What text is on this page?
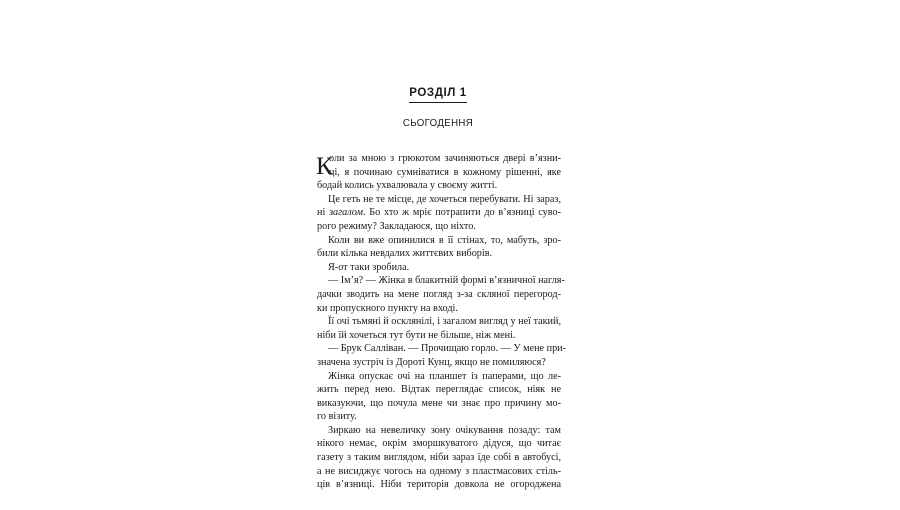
РОЗДІЛ 1
СЬОГОДЕННЯ
К
оли за мною з грюкотом зачиняються двері в’язни-
ці, я починаю сумніватися в кожному рішенні, яке
бодай колись ухвалювала у своєму житті.
Це геть не те місце, де хочеться перебувати. Ні зараз,
ні загалом. Бо хто ж мріє потрапити до в’язниці суво-
рого режиму? Закладаюся, що ніхто.
Коли ви вже опинилися в її стінах, то, мабуть, зро-
били кілька невдалих життєвих виборів.
Я-от таки зробила.
— Ім’я? — Жінка в блакитній формі в’язничної нагля-
дачки зводить на мене погляд з-за скляної перегород-
ки пропускного пункту на вході.
Її очі тьмяні й осклянілі, і загалом вигляд у неї такий,
ніби їй хочеться тут бути не більше, ніж мені.
— Брук Салліван. — Прочищаю горло. — У мене при-
значена зустріч із Дороті Кунц, якщо не помиляюся?
Жінка опускає очі на планшет із паперами, що ле-
жить перед нею. Відтак переглядає список, ніяк не
виказуючи, що почула мене чи знає про причину мо-
го візиту.
Зиркаю на невеличку зону очікування позаду: там
нікого немає, окрім зморшкуватого дідуся, що читає
газету з таким виглядом, ніби зараз їде собі в автобусі,
а не висиджує чогось на одному з пластмасових стіль-
ців в’язниці. Ніби територія довкола не огороджена
